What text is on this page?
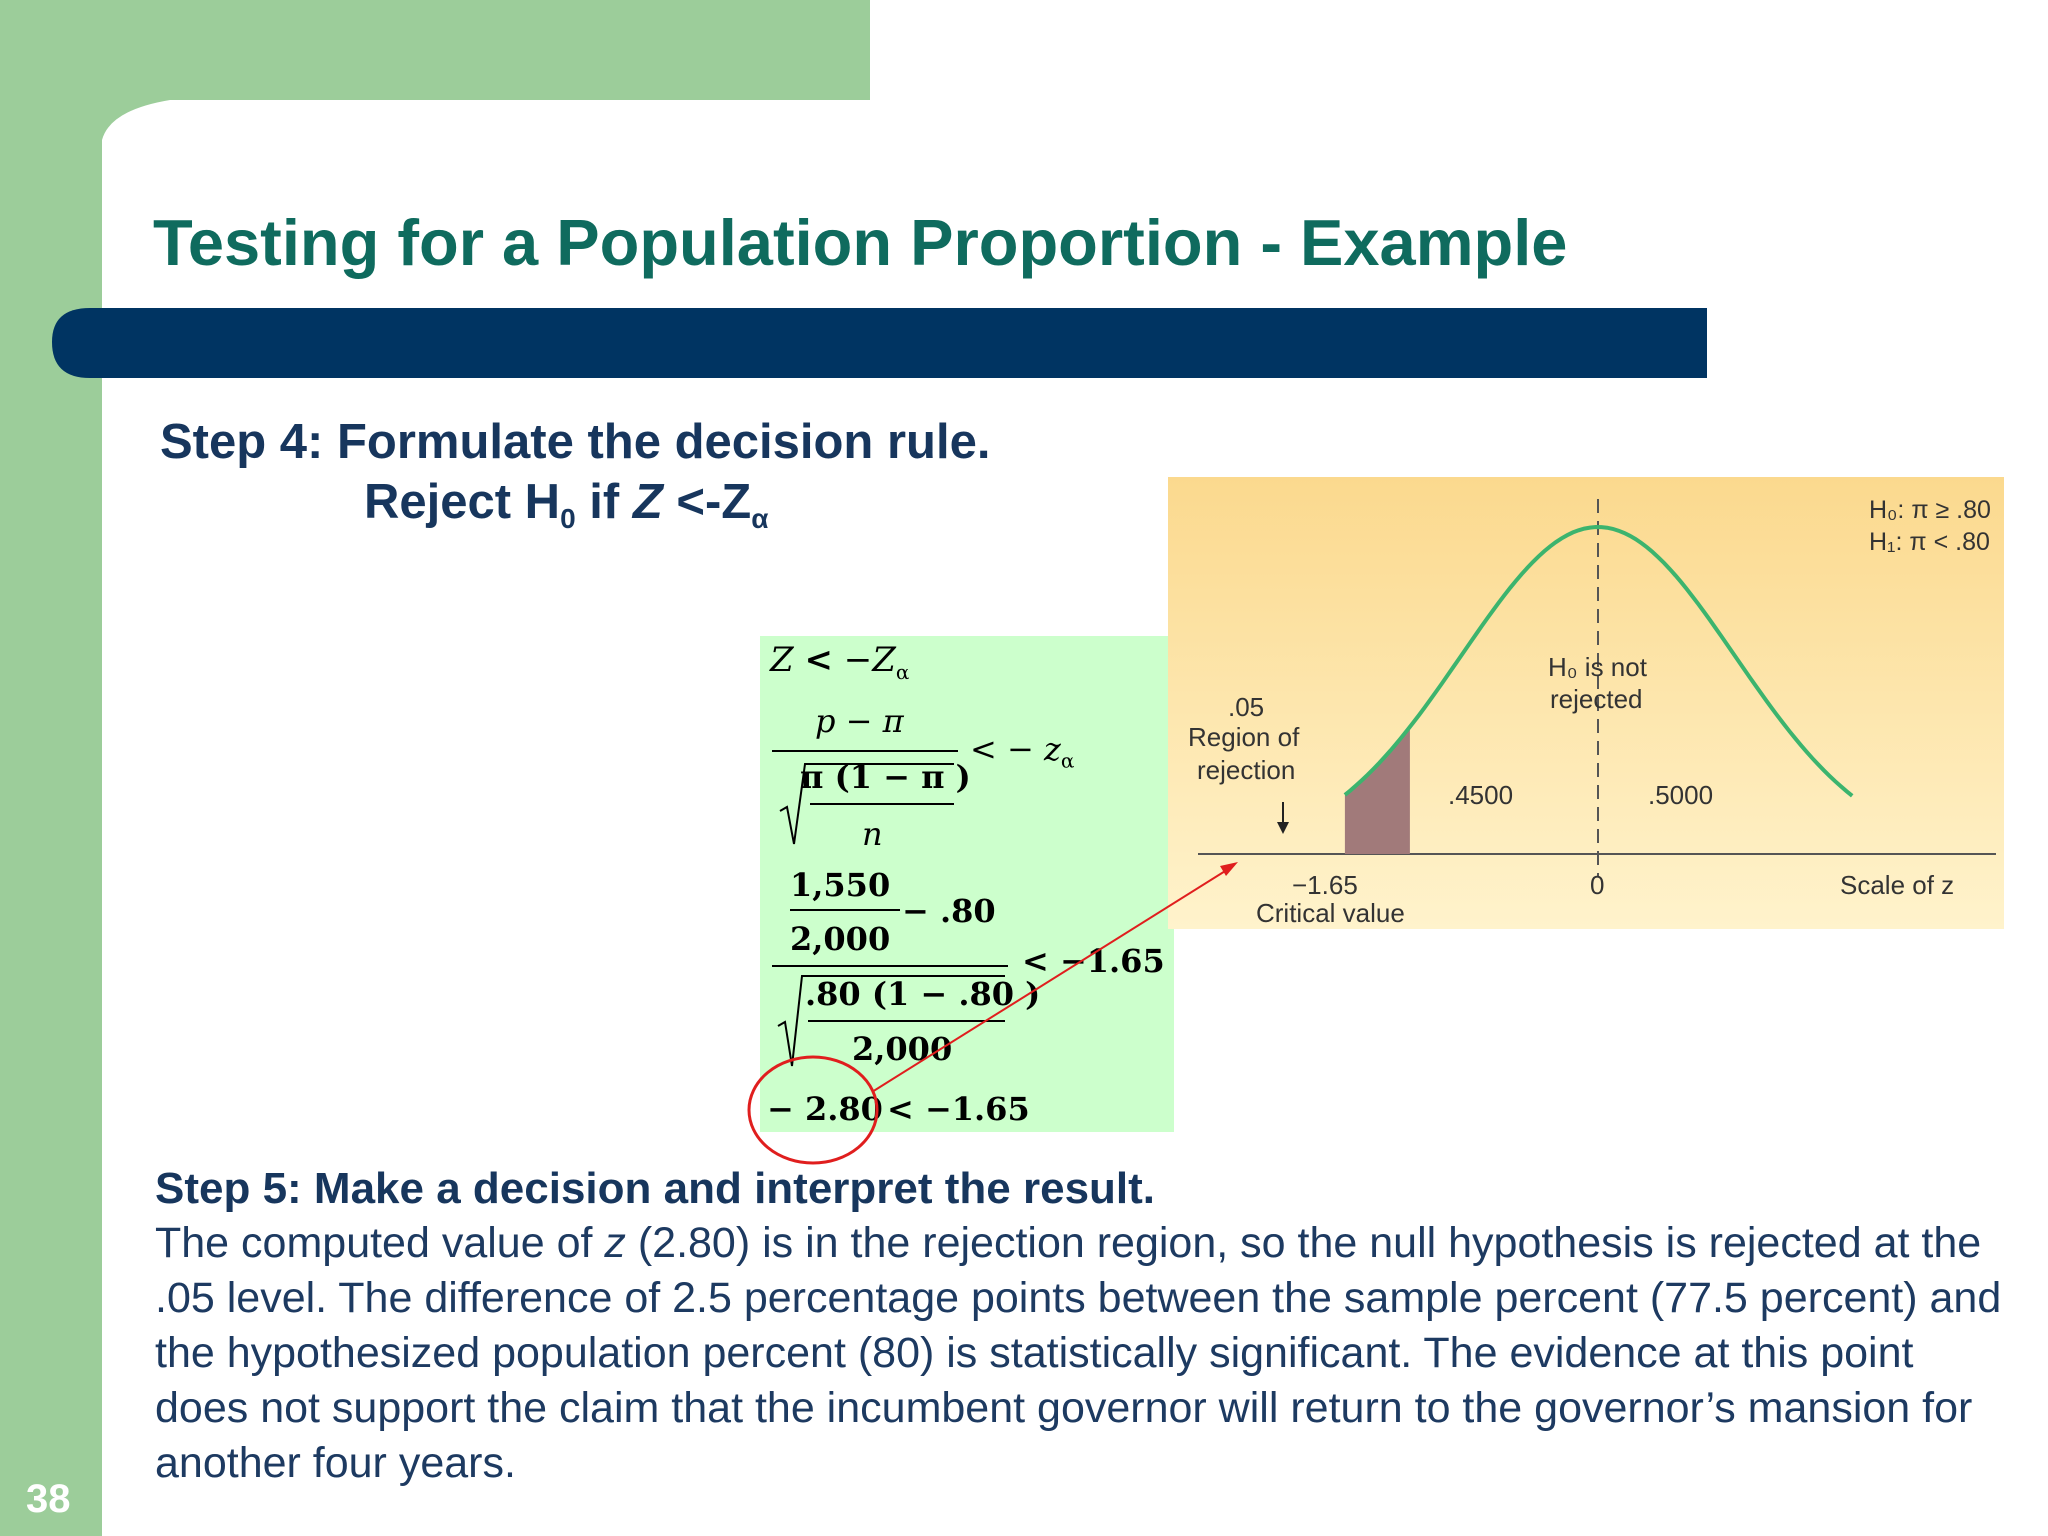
Testing for a Population Proportion - Example
Step 4: Formulate the decision rule.
Reject $H_0$ if $Z <-Z_\alpha$
$Z < -Z_\alpha$
p − π
π (1 − π )
n
< − $z_\alpha$
1,550
2,000
− .80
< −1.65
.80 (1 − .80 )
2,000
− 2.80 < −1.65
H₀: π ≥ .80
H₁: π < .80
.05
Region of
rejection
H₀ is not
rejected
.4500	.5000
−1.65
Critical value
0	Scale of z
Step 5: Make a decision and interpret the result.
The computed value of z (2.80) is in the rejection region, so the null hypothesis is rejected at the .05 level. The difference of 2.5 percentage points between the sample percent (77.5 percent) and the hypothesized population percent (80) is statistically significant. The evidence at this point does not support the claim that the incumbent governor will return to the governor’s mansion for another four years.
38
